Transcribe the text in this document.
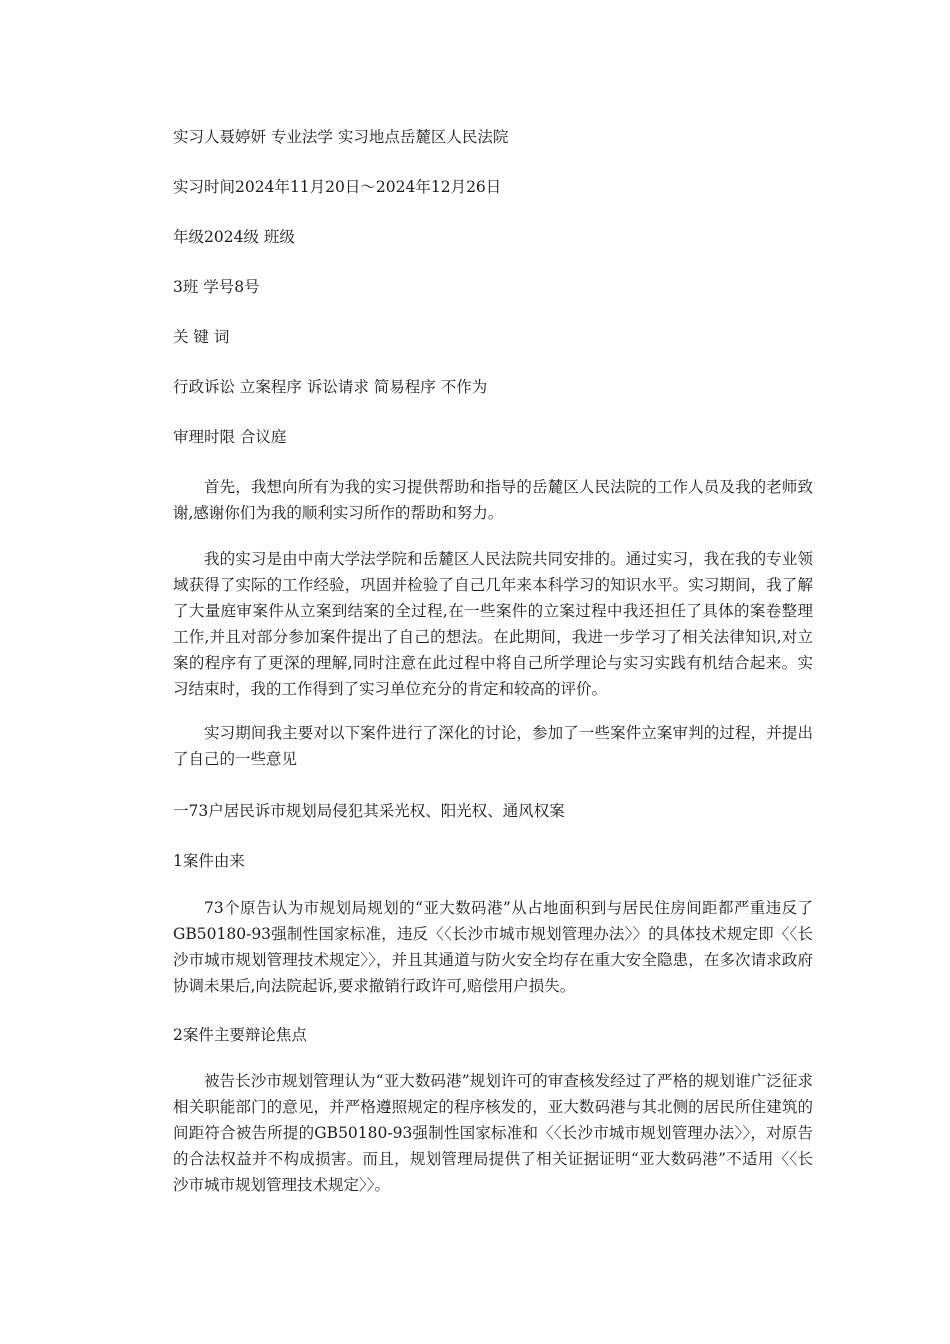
实习人聂婷妍 专业法学 实习地点岳麓区人民法院

实习时间2024年11月20日～2024年12月26日

年级2024级 班级

3班 学号8号

关 键 词

行政诉讼 立案程序 诉讼请求 简易程序 不作为

审理时限 合议庭

首先，我想向所有为我的实习提供帮助和指导的岳麓区人民法院的工作人员及我的老师致谢,感谢你们为我的顺利实习所作的帮助和努力。

我的实习是由中南大学法学院和岳麓区人民法院共同安排的。通过实习，我在我的专业领域获得了实际的工作经验，巩固并检验了自己几年来本科学习的知识水平。实习期间，我了解了大量庭审案件从立案到结案的全过程,在一些案件的立案过程中我还担任了具体的案卷整理工作,并且对部分参加案件提出了自己的想法。在此期间，我进一步学习了相关法律知识,对立案的程序有了更深的理解,同时注意在此过程中将自己所学理论与实习实践有机结合起来。实习结束时，我的工作得到了实习单位充分的肯定和较高的评价。

实习期间我主要对以下案件进行了深化的讨论，参加了一些案件立案审判的过程，并提出了自己的一些意见

一73户居民诉市规划局侵犯其采光权、阳光权、通风权案

1案件由来

73个原告认为市规划局规划的“亚大数码港”从占地面积到与居民住房间距都严重违反了GB50180-93强制性国家标准，违反〈〈长沙市城市规划管理办法〉〉的具体技术规定即〈〈长沙市城市规划管理技术规定〉〉，并且其通道与防火安全均存在重大安全隐患，在多次请求政府协调未果后,向法院起诉,要求撤销行政许可,赔偿用户损失。

2案件主要辩论焦点

被告长沙市规划管理认为“亚大数码港”规划许可的审查核发经过了严格的规划谁广泛征求相关职能部门的意见，并严格遵照规定的程序核发的，亚大数码港与其北侧的居民所住建筑的间距符合被告所提的GB50180-93强制性国家标准和〈〈长沙市城市规划管理办法〉〉，对原告的合法权益并不构成损害。而且，规划管理局提供了相关证据证明“亚大数码港”不适用〈〈长沙市城市规划管理技术规定〉〉。
